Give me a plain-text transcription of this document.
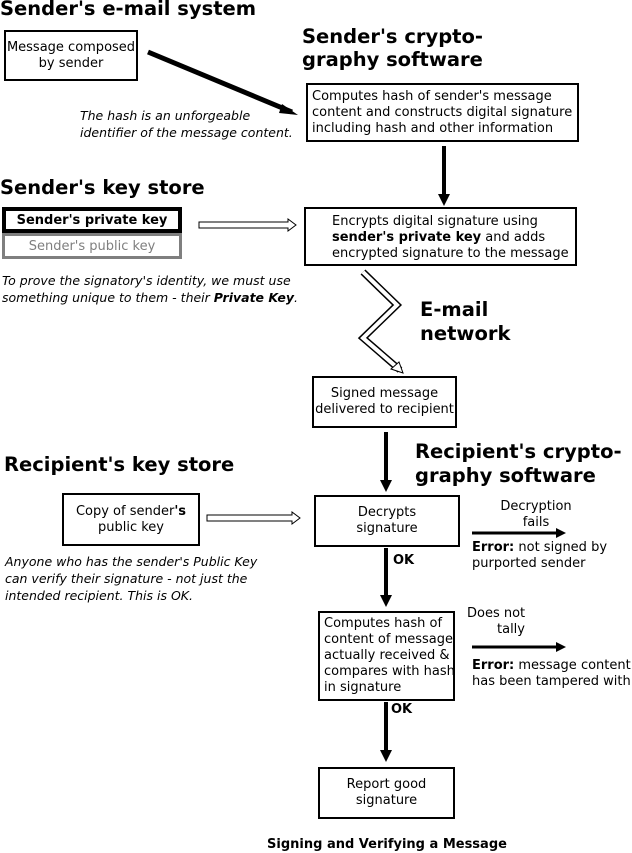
Sender's e-mail system
Sender's crypto-
graphy software
Sender's key store
E-mail
network
Recipient's key store
Recipient's crypto-
graphy software
Message composed
by sender
The hash is an unforgeable
identifier of the message content.
Computes hash of sender's message
content and constructs digital signature
including hash and other information
Sender's private key
Sender's public key
To prove the signatory's identity, we must use
something unique to them - their Private Key.
Encrypts digital signature using
sender's private key and adds
encrypted signature to the message
Signed message
delivered to recipient
Copy of sender's
public key
Anyone who has the sender's Public Key
can verify their signature - not just the
intended recipient. This is OK.
Decrypts
signature
Decryption
fails
Error: not signed by
purported sender
OK
Computes hash of
content of message
actually received &
compares with hash
in signature
Does not
tally
Error: message content
has been tampered with
OK
Report good
signature
Signing and Verifying a Message
